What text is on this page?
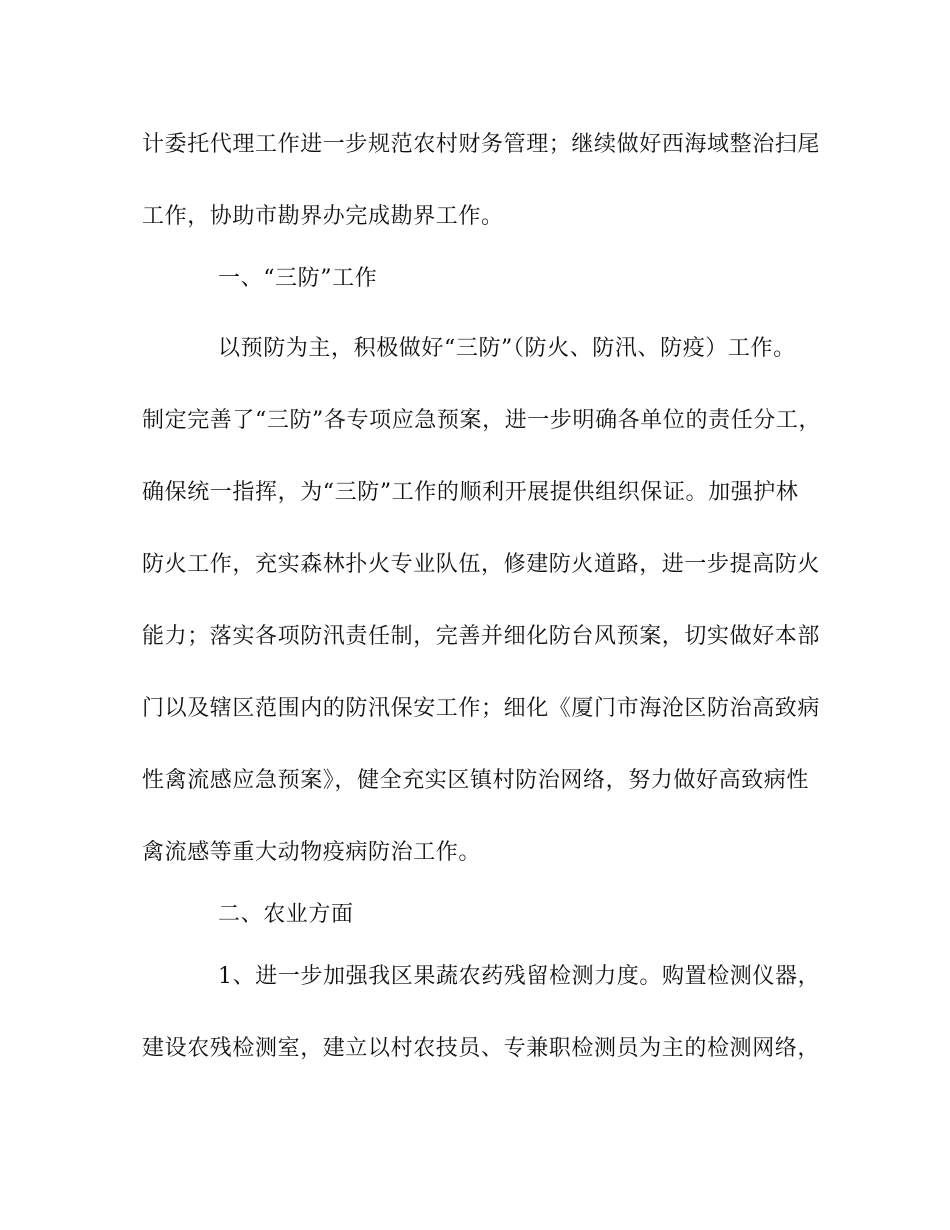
计委托代理工作进一步规范农村财务管理；继续做好西海域整治扫尾
工作，协助市勘界办完成勘界工作。
一、“三防”工作
以预防为主，积极做好“三防”（防火、防汛、防疫）工作。
制定完善了“三防”各专项应急预案，进一步明确各单位的责任分工，
确保统一指挥，为“三防”工作的顺利开展提供组织保证。加强护林
防火工作，充实森林扑火专业队伍，修建防火道路，进一步提高防火
能力；落实各项防汛责任制，完善并细化防台风预案，切实做好本部
门以及辖区范围内的防汛保安工作；细化《厦门市海沧区防治高致病
性禽流感应急预案》，健全充实区镇村防治网络，努力做好高致病性
禽流感等重大动物疫病防治工作。
二、农业方面
1、进一步加强我区果蔬农药残留检测力度。购置检测仪器，
建设农残检测室，建立以村农技员、专兼职检测员为主的检测网络，
